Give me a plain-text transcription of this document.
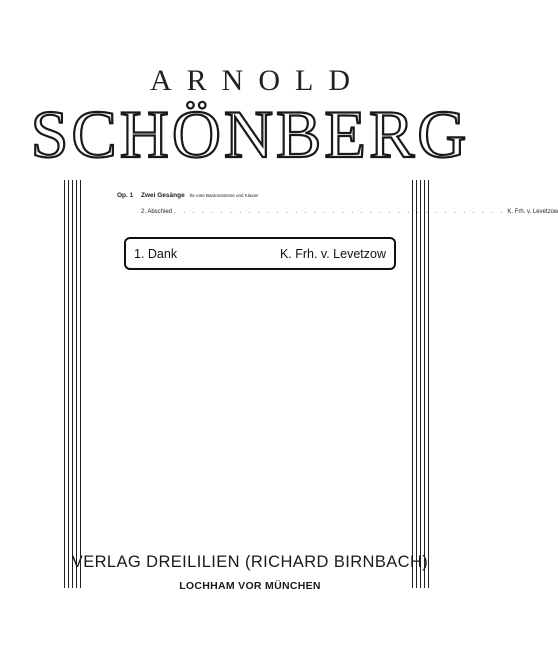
ARNOLD
SCHÖNBERG
Op. 1	Zwei Gesänge für eine Baritonstimme und Klavier
2. Abschied . . . . . . . . . . . . . . . . . . . . . . . . . . . . . . . . . . . . K. Frh. v. Levetzow
1. Dank	K. Frh. v. Levetzow
VERLAG DREILILIEN (RICHARD BIRNBACH)
LOCHHAM VOR MÜNCHEN
